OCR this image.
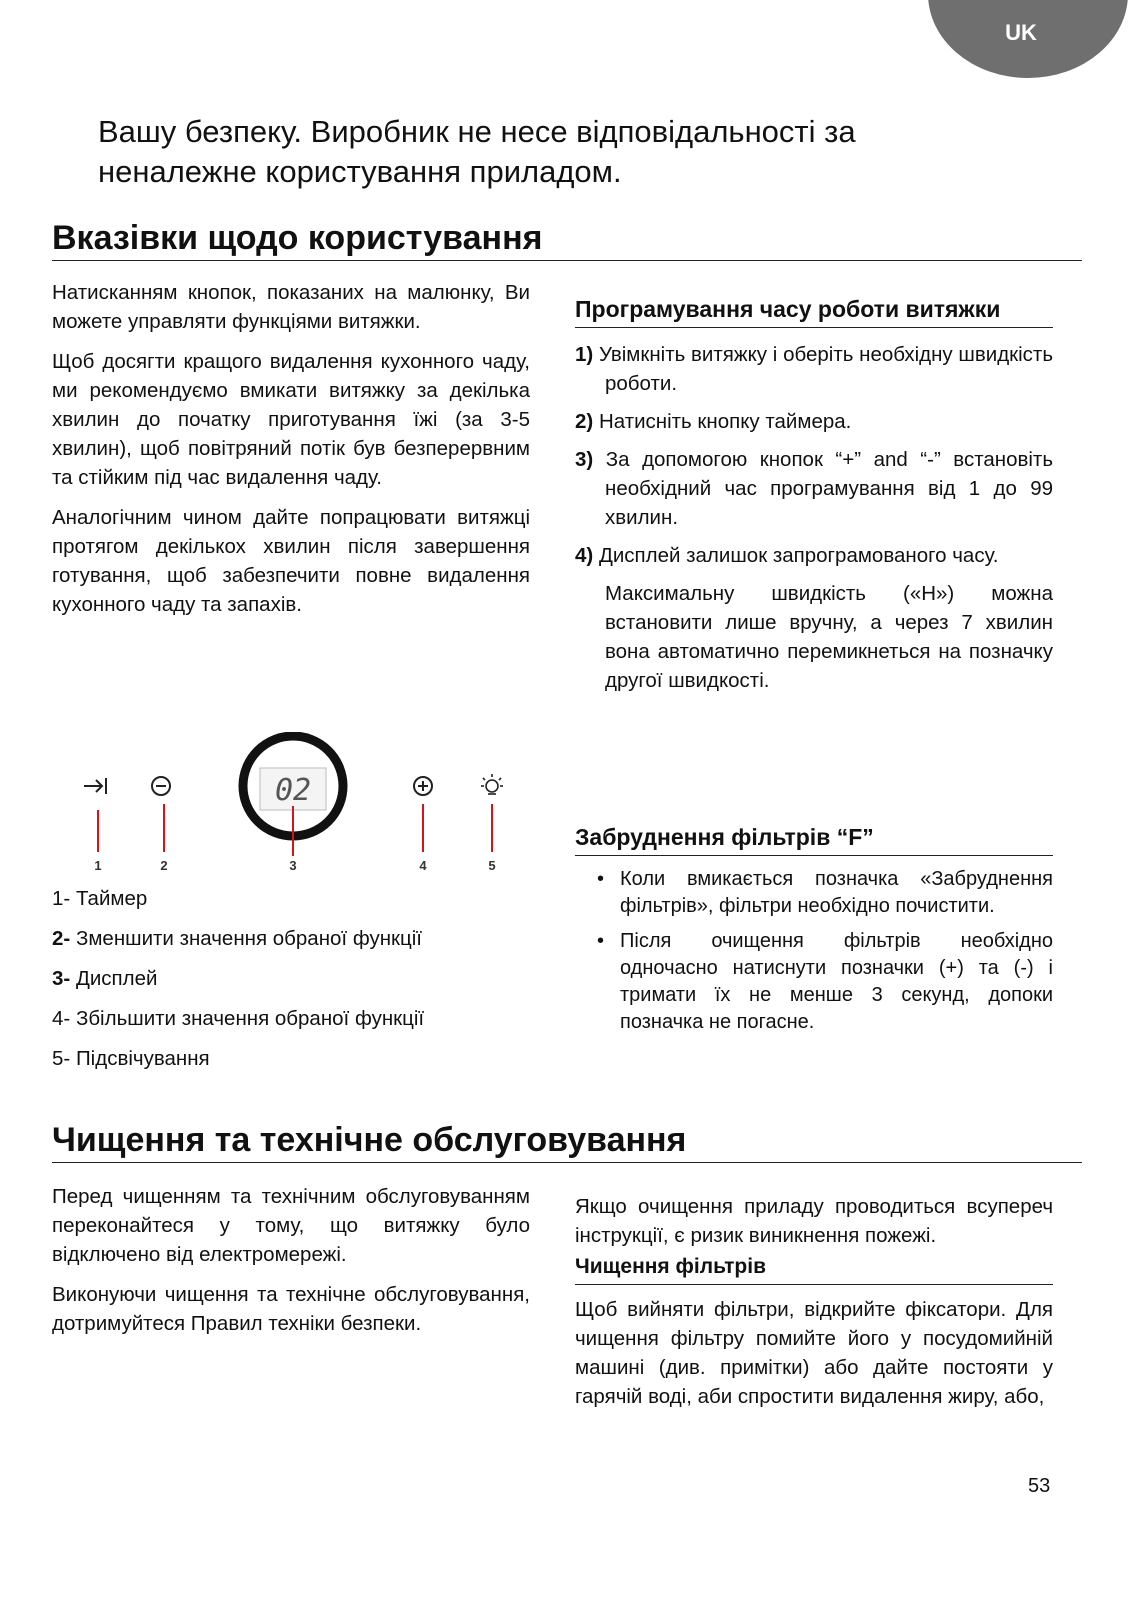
UK

Вашу безпеку. Виробник не несе відповідальності за неналежне користування приладом.

Вказівки щодо користування

Натисканням кнопок, показаних на малюнку, Ви можете управляти функціями витяжки.

Щоб досягти кращого видалення кухонного чаду, ми рекомендуємо вмикати витяжку за декілька хвилин до початку приготування їжі (за 3-5 хвилин), щоб повітряний потік був безперервним та стійким під час видалення чаду.

Аналогічним чином дайте попрацювати витяжці протягом декількох хвилин після завершення готування, щоб забезпечити повне видалення кухонного чаду та запахів.

1	2
02
3	4	5
1- Таймер
2- Зменшити значення обраної функції
3- Дисплей
4- Збільшити значення обраної функції
5- Підсвічування
Програмування часу роботи витяжки
1) Увімкніть витяжку і оберіть необхідну швидкість роботи.
2) Натисніть кнопку таймера.
3) За допомогою кнопок “+” and “-” встановіть необхідний час програмування від 1 до 99 хвилин.
4) Дисплей залишок запрограмованого часу.

Максимальну швидкість («H») можна встановити лише вручну, а через 7 хвилин вона автоматично перемикнеться на позначку другої швидкості.

Забруднення фільтрів “F”
• Коли вмикається позначка «Забруднення фільтрів», фільтри необхідно почистити.
• Після очищення фільтрів необхідно одночасно натиснути позначки (+) та (-) і тримати їх не менше 3 секунд, допоки позначка не погасне.
Чищення та технічне обслуговування

Перед чищенням та технічним обслуговуванням переконайтеся у тому, що витяжку було відключено від електромережі.

Виконуючи чищення та технічне обслуговування, дотримуйтеся Правил техніки безпеки.

Якщо очищення приладу проводиться всупереч інструкції, є ризик виникнення пожежі.

Чищення фільтрів

Щоб вийняти фільтри, відкрийте фіксатори. Для чищення фільтру помийте його у посудомийній машині (див. примітки) або дайте постояти у гарячій воді, аби спростити видалення жиру, або,

53
